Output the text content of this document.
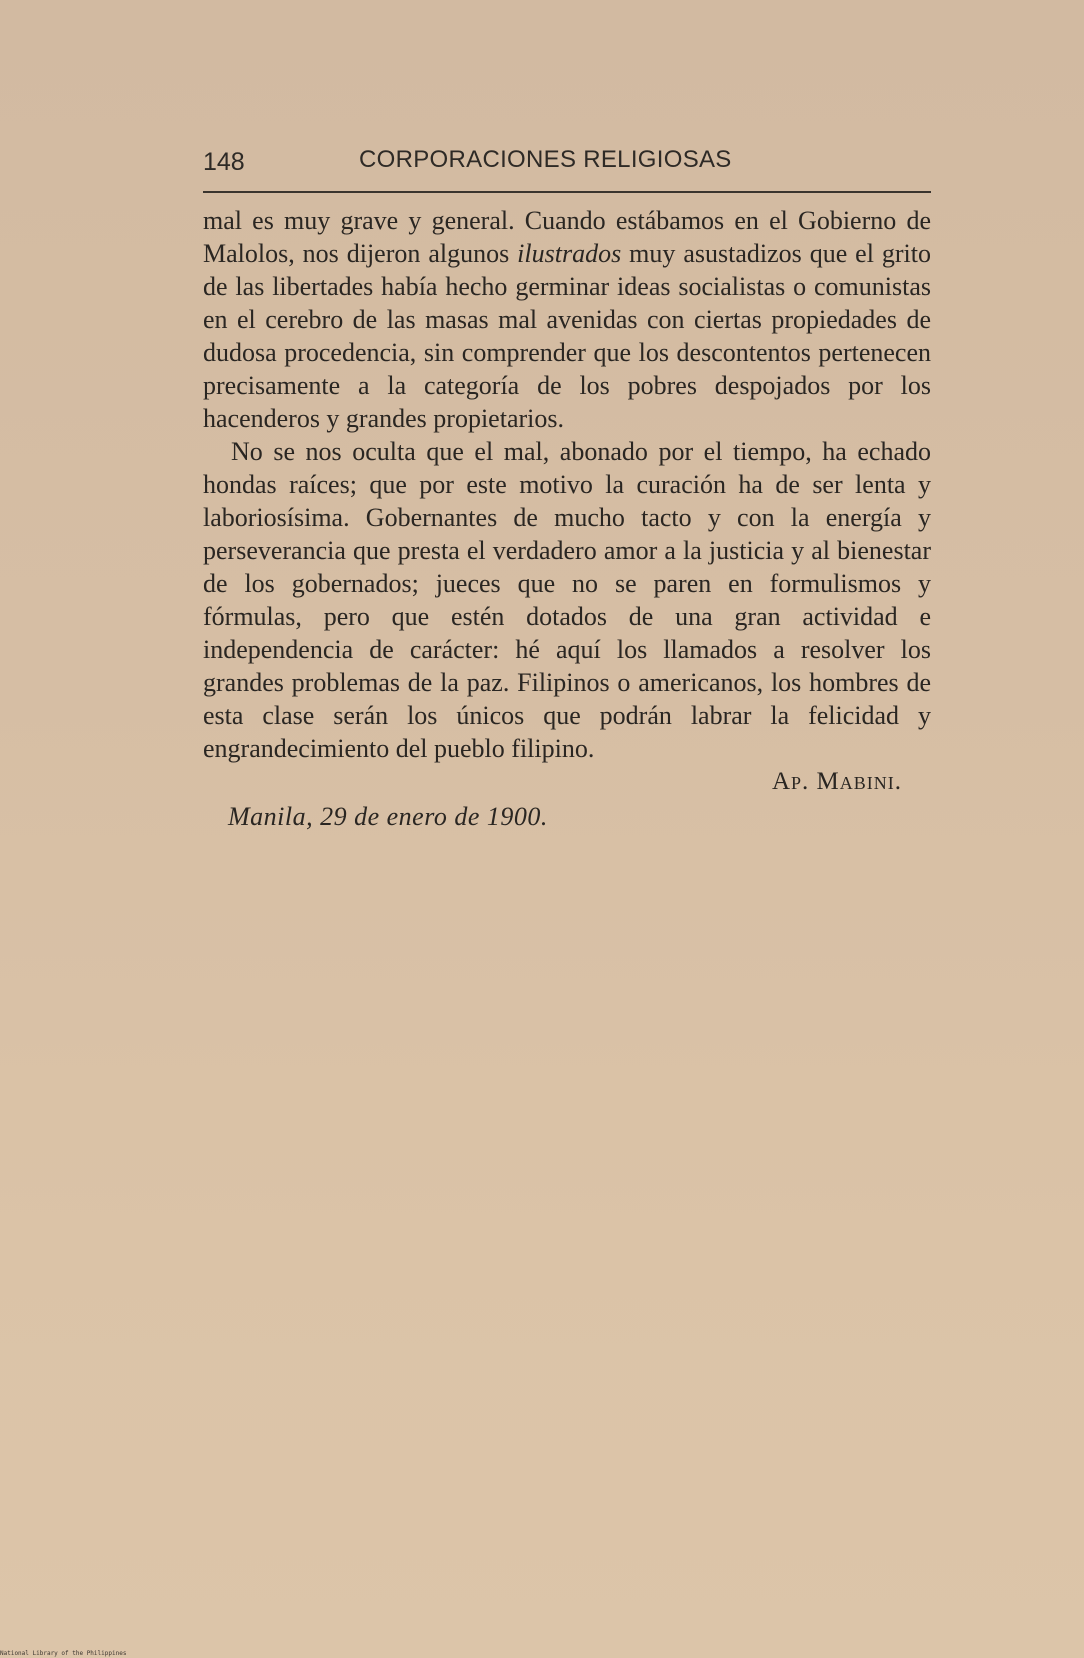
148	CORPORACIONES RELIGIOSAS

mal es muy grave y general. Cuando estábamos en el Gobierno de Malolos, nos dijeron algunos ilustrados muy asustadizos que el grito de las libertades había hecho germinar ideas socialistas o comunistas en el cerebro de las masas mal avenidas con ciertas propiedades de dudosa procedencia, sin comprender que los descontentos pertenecen precisamente a la categoría de los pobres despojados por los hacenderos y grandes propietarios.

No se nos oculta que el mal, abonado por el tiempo, ha echado hondas raíces; que por este motivo la curación ha de ser lenta y laboriosísima. Gobernantes de mucho tacto y con la energía y perseverancia que presta el verdadero amor a la justicia y al bienestar de los gobernados; jueces que no se paren en formulismos y fórmulas, pero que estén dotados de una gran actividad e independencia de carácter: hé aquí los llamados a resolver los grandes problemas de la paz. Filipinos o americanos, los hombres de esta clase serán los únicos que podrán labrar la felicidad y engrandecimiento del pueblo filipino.

Ap. Mabini.
Manila, 29 de enero de 1900.
National Library of the Philippines
